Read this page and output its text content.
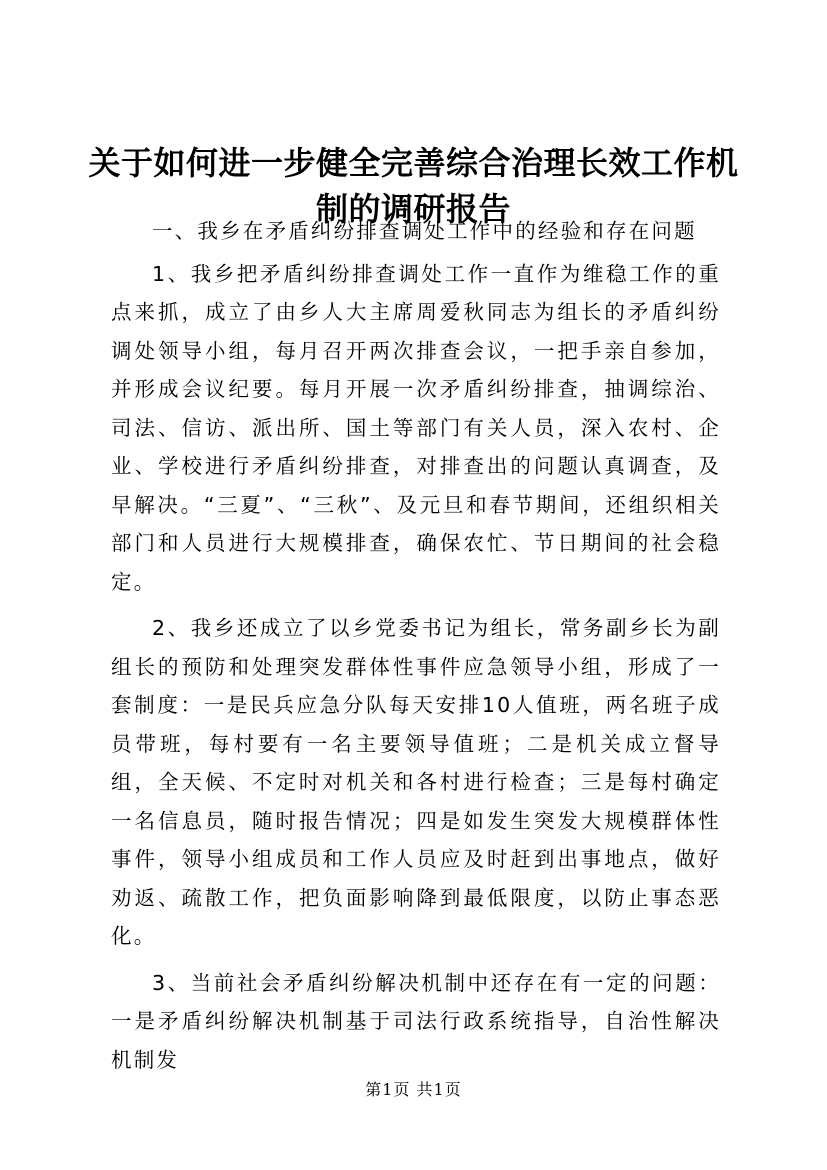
关于如何进一步健全完善综合治理长效工作机制的调研报告

一、我乡在矛盾纠纷排查调处工作中的经验和存在问题

1、我乡把矛盾纠纷排查调处工作一直作为维稳工作的重点来抓，成立了由乡人大主席周爱秋同志为组长的矛盾纠纷调处领导小组，每月召开两次排查会议，一把手亲自参加，并形成会议纪要。每月开展一次矛盾纠纷排查，抽调综治、司法、信访、派出所、国土等部门有关人员，深入农村、企业、学校进行矛盾纠纷排查，对排查出的问题认真调查，及早解决。“三夏”、“三秋”、及元旦和春节期间，还组织相关部门和人员进行大规模排查，确保农忙、节日期间的社会稳定。

2、我乡还成立了以乡党委书记为组长，常务副乡长为副组长的预防和处理突发群体性事件应急领导小组，形成了一套制度：一是民兵应急分队每天安排10人值班，两名班子成员带班，每村要有一名主要领导值班；二是机关成立督导组，全天候、不定时对机关和各村进行检查；三是每村确定一名信息员，随时报告情况；四是如发生突发大规模群体性事件，领导小组成员和工作人员应及时赶到出事地点，做好劝返、疏散工作，把负面影响降到最低限度，以防止事态恶化。

3、当前社会矛盾纠纷解决机制中还存在有一定的问题：一是矛盾纠纷解决机制基于司法行政系统指导，自治性解决机制发

第1页 共1页
